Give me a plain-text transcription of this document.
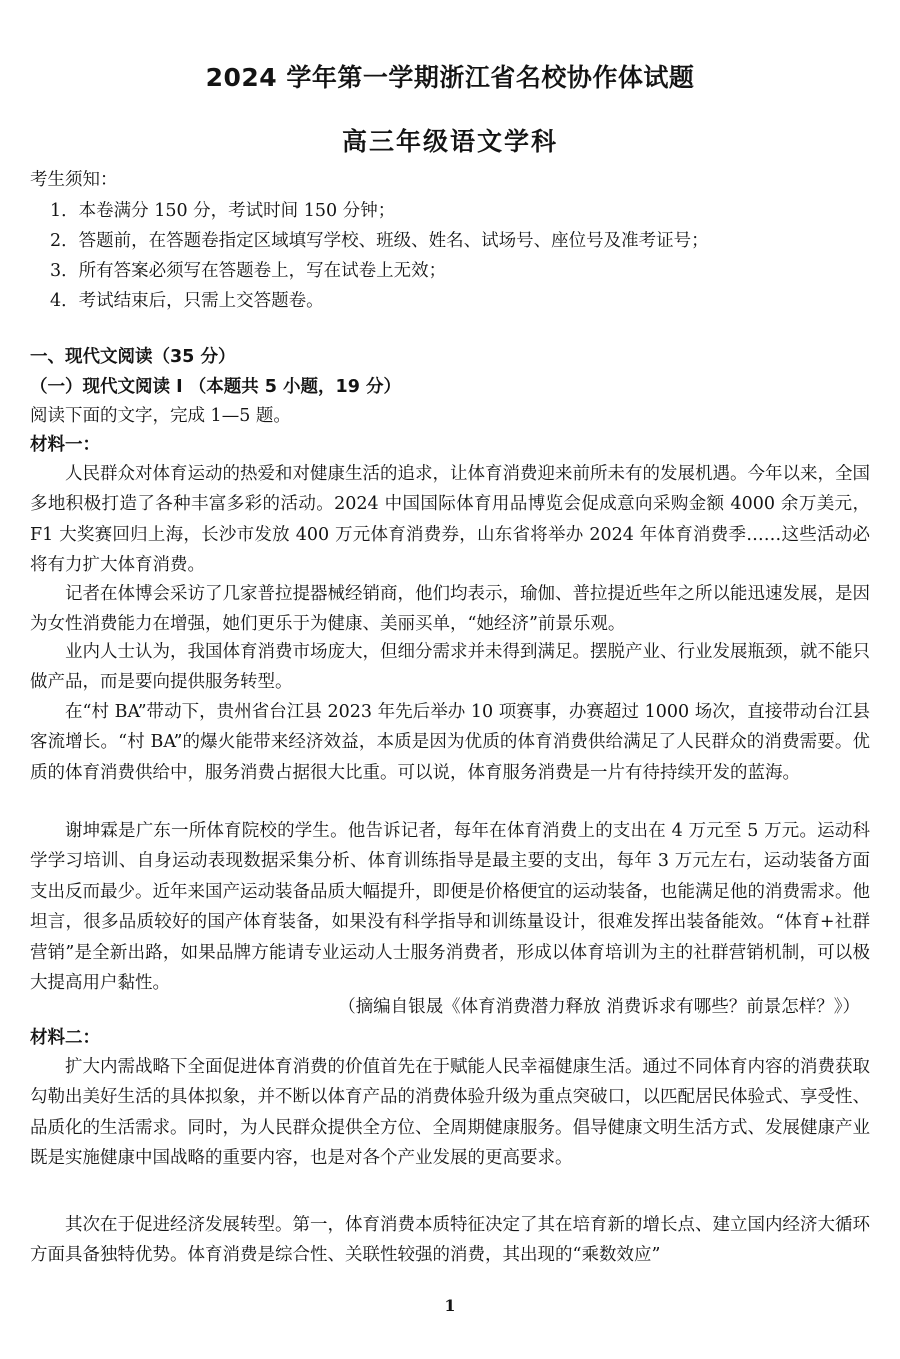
2024 学年第一学期浙江省名校协作体试题
高三年级语文学科
考生须知：
1．本卷满分 150 分，考试时间 150 分钟；
2．答题前，在答题卷指定区域填写学校、班级、姓名、试场号、座位号及准考证号；
3．所有答案必须写在答题卷上，写在试卷上无效；
4．考试结束后，只需上交答题卷。
一、现代文阅读（35 分）
（一）现代文阅读 I （本题共 5 小题，19 分）
阅读下面的文字，完成 1—5 题。
材料一：
人民群众对体育运动的热爱和对健康生活的追求，让体育消费迎来前所未有的发展机遇。今年以来，全国多地积极打造了各种丰富多彩的活动。2024 中国国际体育用品博览会促成意向采购金额 4000 余万美元，F1 大奖赛回归上海，长沙市发放 400 万元体育消费券，山东省将举办 2024 年体育消费季……这些活动必将有力扩大体育消费。
记者在体博会采访了几家普拉提器械经销商，他们均表示，瑜伽、普拉提近些年之所以能迅速发展，是因为女性消费能力在增强，她们更乐于为健康、美丽买单，“她经济”前景乐观。
业内人士认为，我国体育消费市场庞大，但细分需求并未得到满足。摆脱产业、行业发展瓶颈，就不能只做产品，而是要向提供服务转型。
在“村 BA”带动下，贵州省台江县 2023 年先后举办 10 项赛事，办赛超过 1000 场次，直接带动台江县客流增长。“村 BA”的爆火能带来经济效益，本质是因为优质的体育消费供给满足了人民群众的消费需要。优质的体育消费供给中，服务消费占据很大比重。可以说，体育服务消费是一片有待持续开发的蓝海。
谢坤霖是广东一所体育院校的学生。他告诉记者，每年在体育消费上的支出在 4 万元至 5 万元。运动科学学习培训、自身运动表现数据采集分析、体育训练指导是最主要的支出，每年 3 万元左右，运动装备方面支出反而最少。近年来国产运动装备品质大幅提升，即便是价格便宜的运动装备，也能满足他的消费需求。他坦言，很多品质较好的国产体育装备，如果没有科学指导和训练量设计，很难发挥出装备能效。“体育+社群营销”是全新出路，如果品牌方能请专业运动人士服务消费者，形成以体育培训为主的社群营销机制，可以极大提高用户黏性。
（摘编自银晟《体育消费潜力释放 消费诉求有哪些？前景怎样？》）
材料二：
扩大内需战略下全面促进体育消费的价值首先在于赋能人民幸福健康生活。通过不同体育内容的消费获取勾勒出美好生活的具体拟象，并不断以体育产品的消费体验升级为重点突破口，以匹配居民体验式、享受性、品质化的生活需求。同时，为人民群众提供全方位、全周期健康服务。倡导健康文明生活方式、发展健康产业既是实施健康中国战略的重要内容，也是对各个产业发展的更高要求。
其次在于促进经济发展转型。第一，体育消费本质特征决定了其在培育新的增长点、建立国内经济大循环方面具备独特优势。体育消费是综合性、关联性较强的消费，其出现的“乘数效应”
1
